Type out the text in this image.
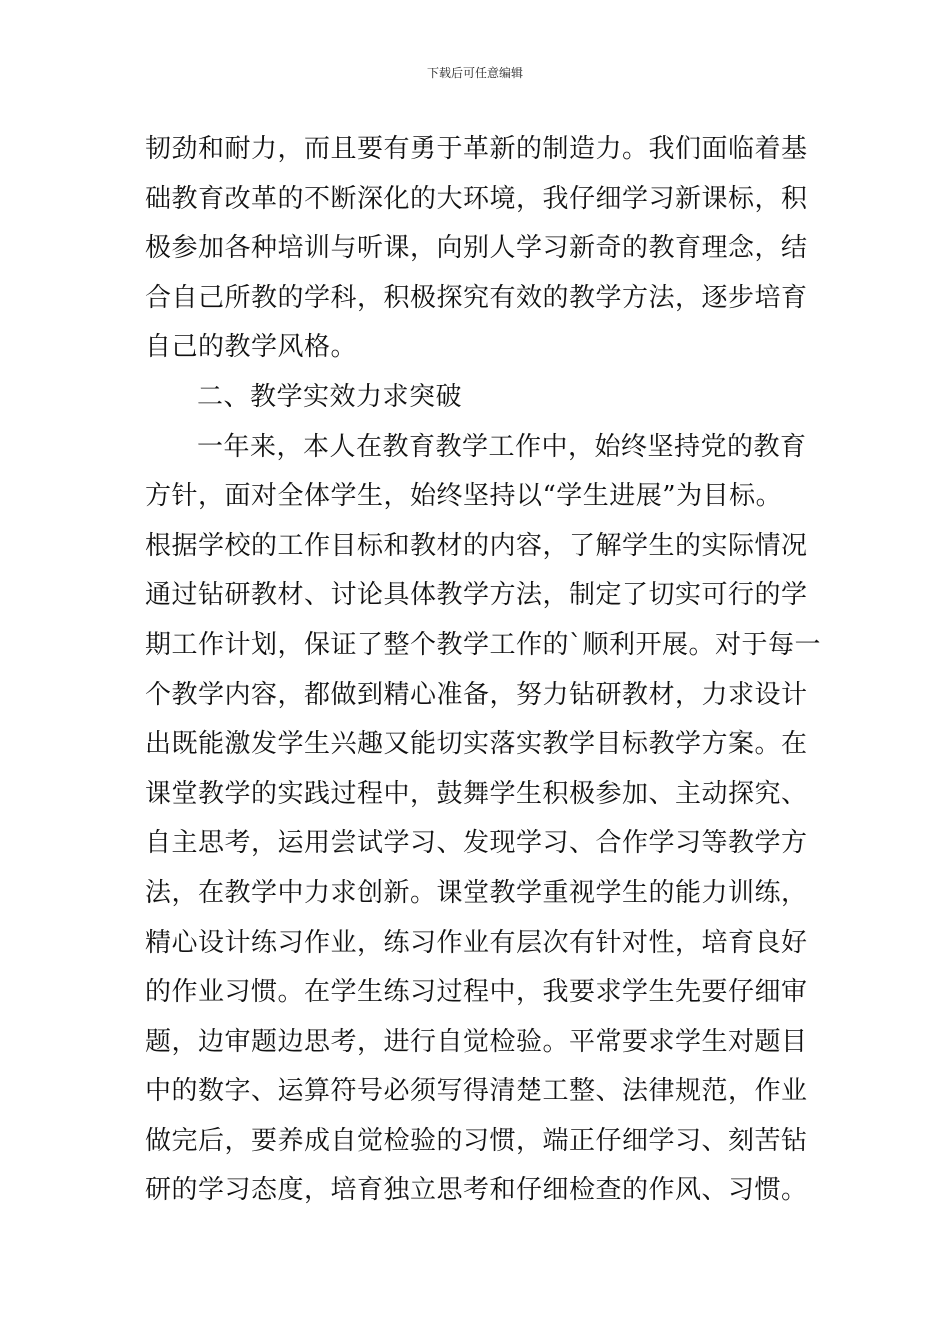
下载后可任意编辑
韧劲和耐力，而且要有勇于革新的制造力。我们面临着基
础教育改革的不断深化的大环境，我仔细学习新课标，积
极参加各种培训与听课，向别人学习新奇的教育理念，结
合自己所教的学科，积极探究有效的教学方法，逐步培育
自己的教学风格。
二、教学实效力求突破
一年来，本人在教育教学工作中，始终坚持党的教育
方针，面对全体学生，始终坚持以“学生进展”为目标。
根据学校的工作目标和教材的内容，了解学生的实际情况
通过钻研教材、讨论具体教学方法，制定了切实可行的学
期工作计划，保证了整个教学工作的`顺利开展。对于每一
个教学内容，都做到精心准备，努力钻研教材，力求设计
出既能激发学生兴趣又能切实落实教学目标教学方案。在
课堂教学的实践过程中，鼓舞学生积极参加、主动探究、
自主思考，运用尝试学习、发现学习、合作学习等教学方
法，在教学中力求创新。课堂教学重视学生的能力训练，
精心设计练习作业，练习作业有层次有针对性，培育良好
的作业习惯。在学生练习过程中，我要求学生先要仔细审
题，边审题边思考，进行自觉检验。平常要求学生对题目
中的数字、运算符号必须写得清楚工整、法律规范，作业
做完后，要养成自觉检验的习惯，端正仔细学习、刻苦钻
研的学习态度，培育独立思考和仔细检查的作风、习惯。
